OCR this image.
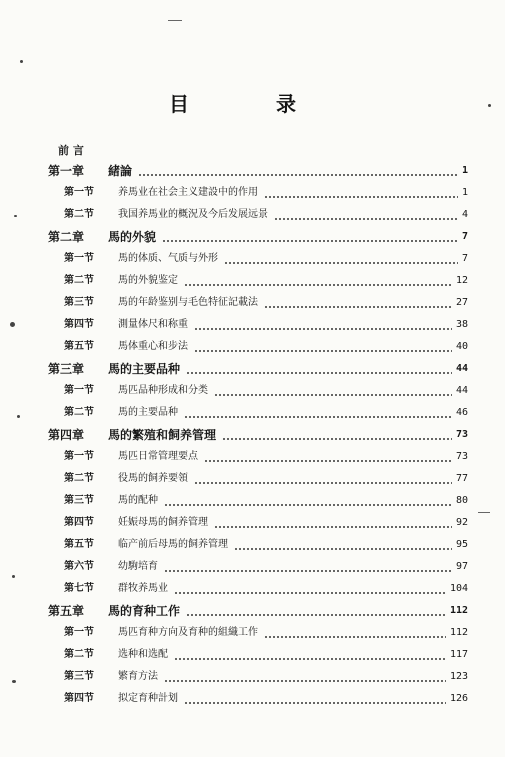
目 录
前 言
第一章 緒論	1
第一节 养馬业在社会主义建設中的作用	1
第二节 我国养馬业的概況及今后发展远景	4
第二章 馬的外貌	7
第一节 馬的体质、气质与外形	7
第二节 馬的外貌鉴定	12
第三节 馬的年龄鉴别与毛色特征記載法	27
第四节 測量体尺和称重	38
第五节 馬体重心和步法	40
第三章 馬的主要品种	44
第一节 馬匹品种形成和分类	44
第二节 馬的主要品种	46
第四章 馬的繁殖和飼养管理	73
第一节 馬匹日常管理要点	73
第二节 役馬的飼养要領	77
第三节 馬的配种	80
第四节 妊娠母馬的飼养管理	92
第五节 临产前后母馬的飼养管理	95
第六节 幼駒培育	97
第七节 群牧养馬业	104
第五章 馬的育种工作	112
第一节 馬匹育种方向及育种的組織工作	112
第二节 选种和选配	117
第三节 繁育方法	123
第四节 拟定育种計划	126
